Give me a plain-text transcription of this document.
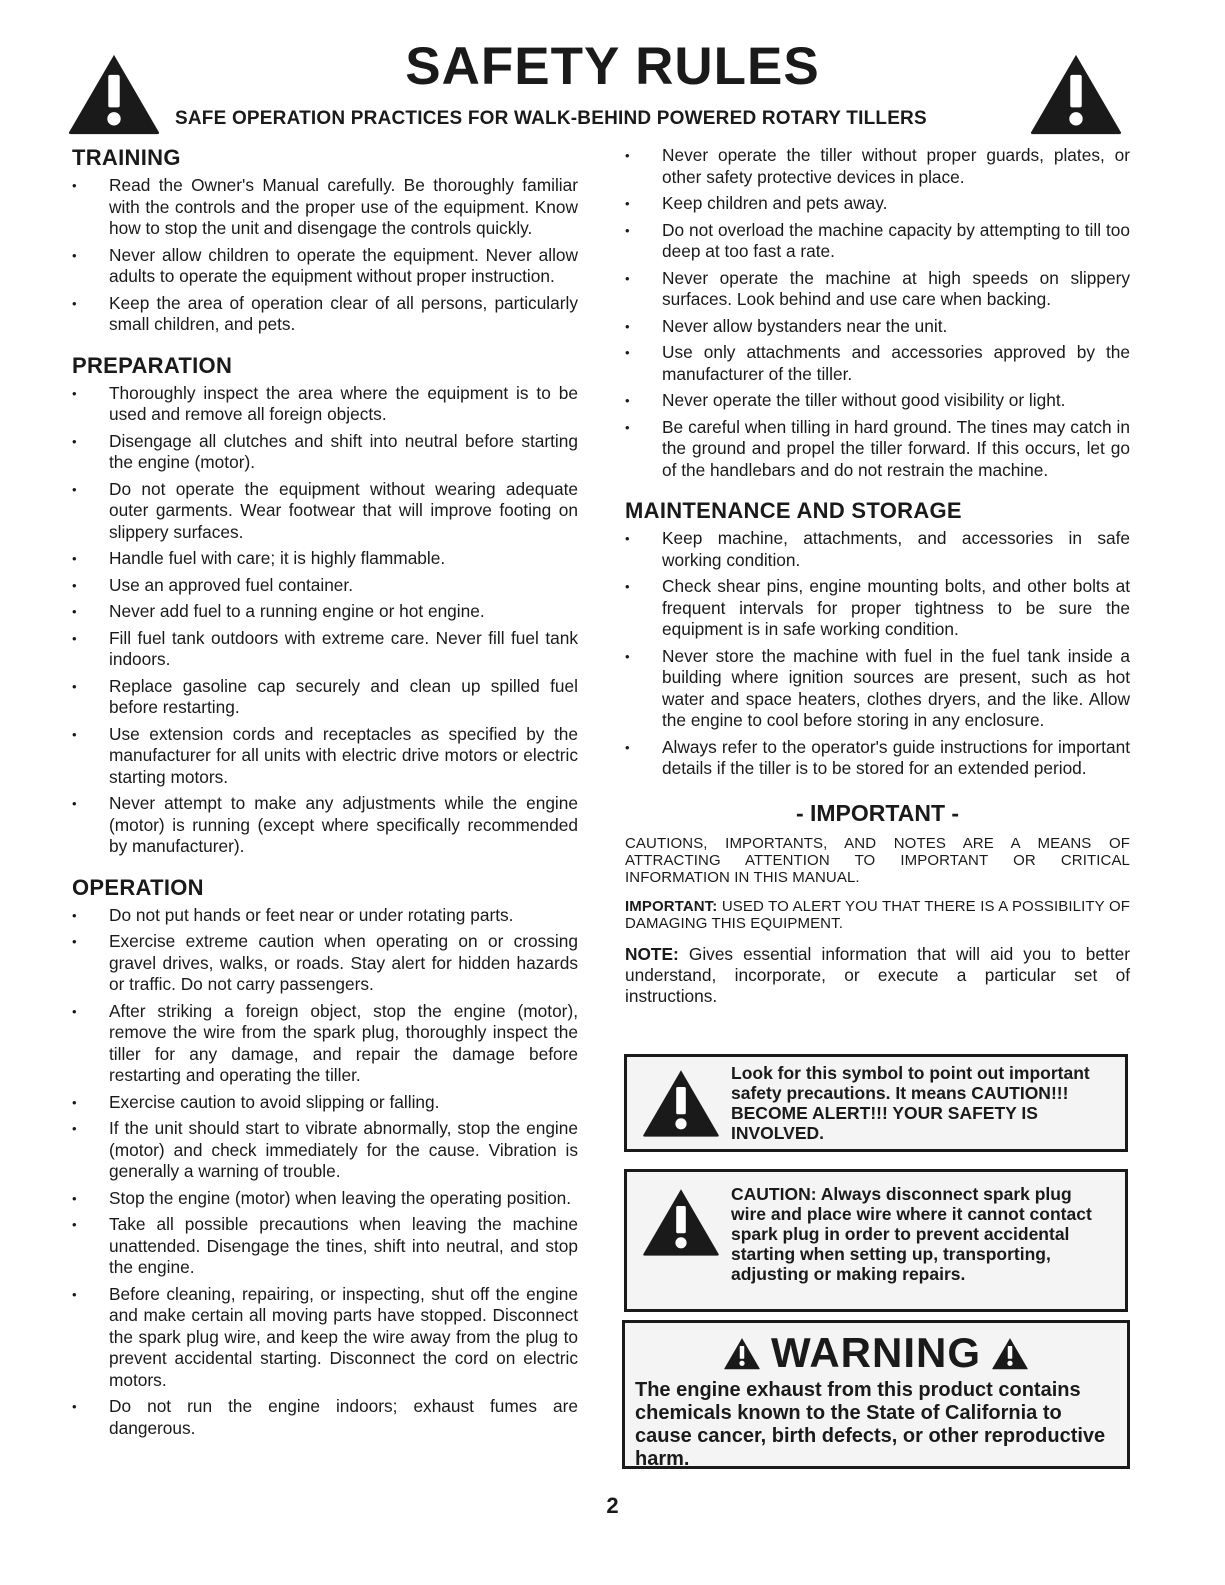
SAFETY RULES
SAFE OPERATION PRACTICES FOR WALK-BEHIND POWERED ROTARY TILLERS
TRAINING
• Read the Owner's Manual carefully. Be thoroughly familiar with the controls and the proper use of the equipment. Know how to stop the unit and disengage the controls quickly.
• Never allow children to operate the equipment. Never allow adults to operate the equipment without proper instruction.
• Keep the area of operation clear of all persons, particularly small children, and pets.
PREPARATION
• Thoroughly inspect the area where the equipment is to be used and remove all foreign objects.
• Disengage all clutches and shift into neutral before starting the engine (motor).
• Do not operate the equipment without wearing adequate outer garments. Wear footwear that will improve footing on slippery surfaces.
• Handle fuel with care; it is highly flammable.
• Use an approved fuel container.
• Never add fuel to a running engine or hot engine.
• Fill fuel tank outdoors with extreme care. Never fill fuel tank indoors.
• Replace gasoline cap securely and clean up spilled fuel before restarting.
• Use extension cords and receptacles as specified by the manufacturer for all units with electric drive motors or electric starting motors.
• Never attempt to make any adjustments while the engine (motor) is running (except where specifically recommended by manufacturer).
OPERATION
• Do not put hands or feet near or under rotating parts.
• Exercise extreme caution when operating on or crossing gravel drives, walks, or roads. Stay alert for hidden hazards or traffic. Do not carry passengers.
• After striking a foreign object, stop the engine (motor), remove the wire from the spark plug, thoroughly inspect the tiller for any damage, and repair the damage before restarting and operating the tiller.
• Exercise caution to avoid slipping or falling.
• If the unit should start to vibrate abnormally, stop the engine (motor) and check immediately for the cause. Vibration is generally a warning of trouble.
• Stop the engine (motor) when leaving the operating position.
• Take all possible precautions when leaving the machine unattended. Disengage the tines, shift into neutral, and stop the engine.
• Before cleaning, repairing, or inspecting, shut off the engine and make certain all moving parts have stopped. Disconnect the spark plug wire, and keep the wire away from the plug to prevent accidental starting. Disconnect the cord on electric motors.
• Do not run the engine indoors; exhaust fumes are dangerous.
• Never operate the tiller without proper guards, plates, or other safety protective devices in place.
• Keep children and pets away.
• Do not overload the machine capacity by attempting to till too deep at too fast a rate.
• Never operate the machine at high speeds on slippery surfaces. Look behind and use care when backing.
• Never allow bystanders near the unit.
• Use only attachments and accessories approved by the manufacturer of the tiller.
• Never operate the tiller without good visibility or light.
• Be careful when tilling in hard ground. The tines may catch in the ground and propel the tiller forward. If this occurs, let go of the handlebars and do not restrain the machine.
MAINTENANCE AND STORAGE
• Keep machine, attachments, and accessories in safe working condition.
• Check shear pins, engine mounting bolts, and other bolts at frequent intervals for proper tightness to be sure the equipment is in safe working condition.
• Never store the machine with fuel in the fuel tank inside a building where ignition sources are present, such as hot water and space heaters, clothes dryers, and the like. Allow the engine to cool before storing in any enclosure.
• Always refer to the operator's guide instructions for important details if the tiller is to be stored for an extended period.
- IMPORTANT -
CAUTIONS, IMPORTANTS, AND NOTES ARE A MEANS OF ATTRACTING ATTENTION TO IMPORTANT OR CRITICAL INFORMATION IN THIS MANUAL.
IMPORTANT: USED TO ALERT YOU THAT THERE IS A POSSIBILITY OF DAMAGING THIS EQUIPMENT.
NOTE: Gives essential information that will aid you to better understand, incorporate, or execute a particular set of instructions.
Look for this symbol to point out important safety precautions. It means CAUTION!!! BECOME ALERT!!! YOUR SAFETY IS INVOLVED.
CAUTION: Always disconnect spark plug wire and place wire where it cannot contact spark plug in order to prevent accidental starting when setting up, transporting, adjusting or making repairs.
WARNING
The engine exhaust from this product contains chemicals known to the State of California to cause cancer, birth defects, or other reproductive harm.
2
